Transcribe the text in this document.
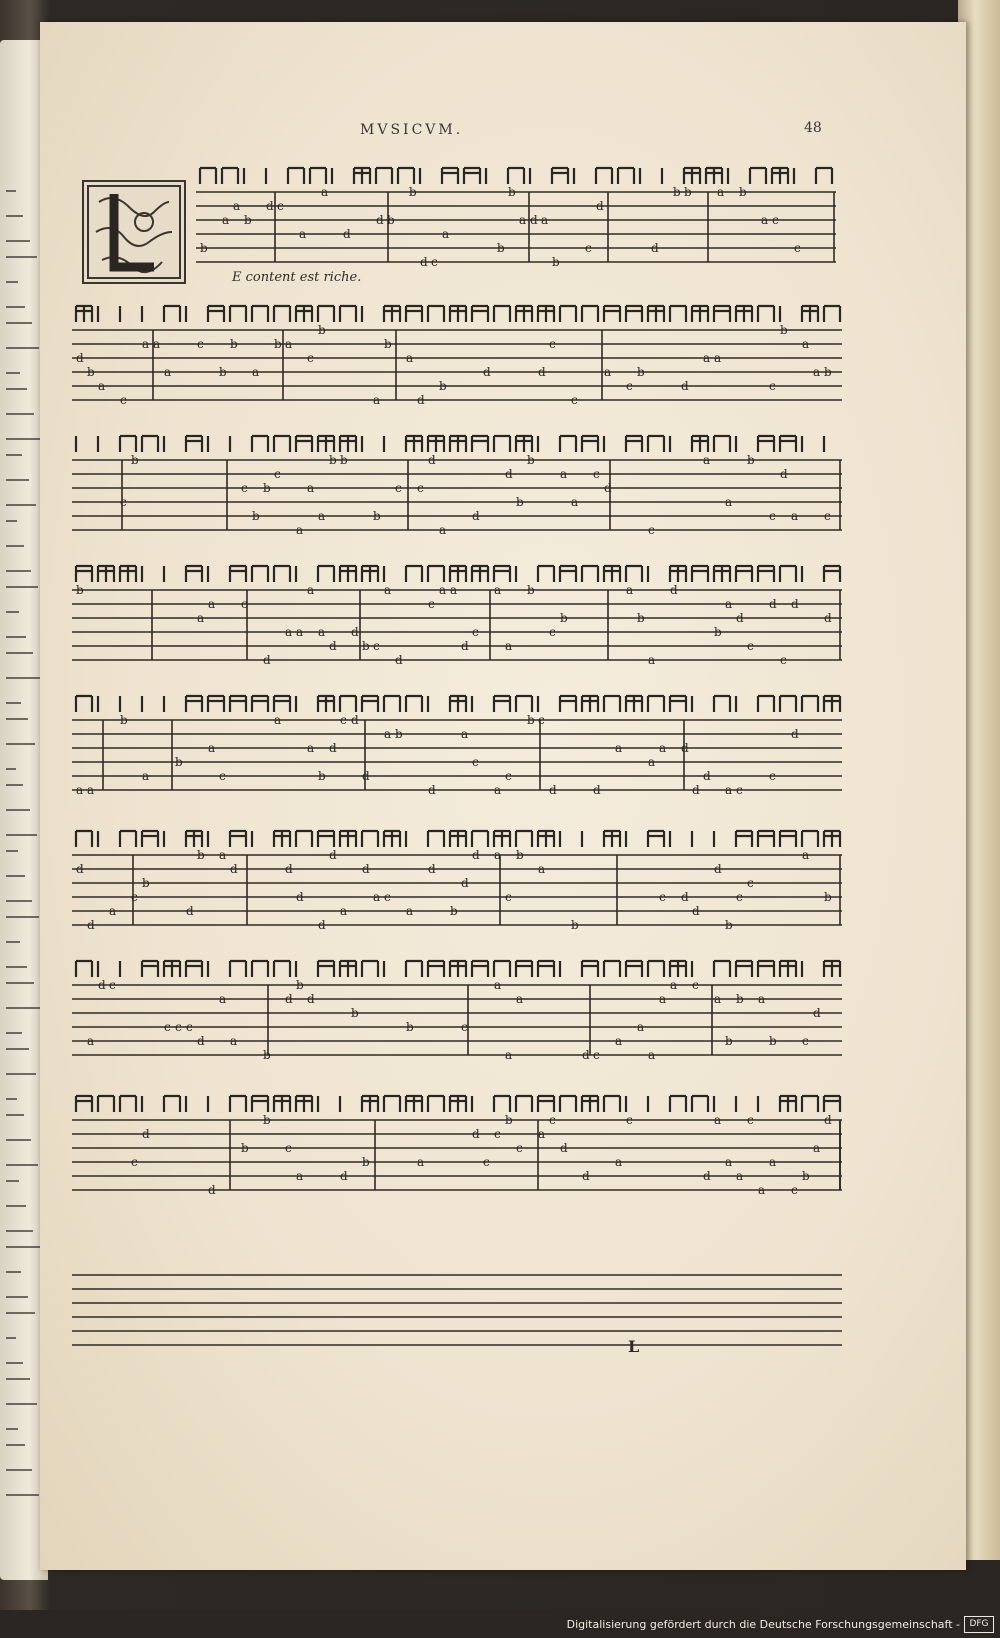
MVSICVM.	48
E content est riche.
b
a
a
b
d c
a
a
d
d b
b
d c
a
b
b
a d a
b
c
d
d
b b a b
a c
c
d
b
a
c
a a
a
c
b
b
a
b a
c
b
a
b
a
d
b
d	d
c
c
a
c
b
d
a a
c
b
a
a b
c
b
c
b
b
c
a
a
a
b b
b
c c
d
a
d
d
b
b
a
a
c
d
c
a
a
b
c
d
a c
b
a
a c
d
a a
a
a
d
d
b c
a
d
c
a a
d
c
a
a
b
c
b
a
b
a
d
b
a
d
c
d
c
d
d
a a
b
a
b
a
c
a
a
b
d
c d
d
a b
d
a
c
a
c
b c
d	d
a
a
a d
d
d
a c
c
d
d
d
a
c
b
d
b a
d	d
d
d
d
a
d
a c
a
d
b
d
d a
c
b
a
b
c d
d
d
b
c
c
a
b
a
d c
c c c
d
a
a
b
d
b
d
b
b	c
a
a
a
d c
a
a
a
a
a c
a
b
b a
b c
d
c
d
d
b
b
c
a	d
b	a
d
c
c
b
c
a
c
d
d
a
c
d
a
a
a
c
a
a
c
b
a
d
L
Digitalisierung gefördert durch die Deutsche Forschungsgemeinschaft -	DFG
